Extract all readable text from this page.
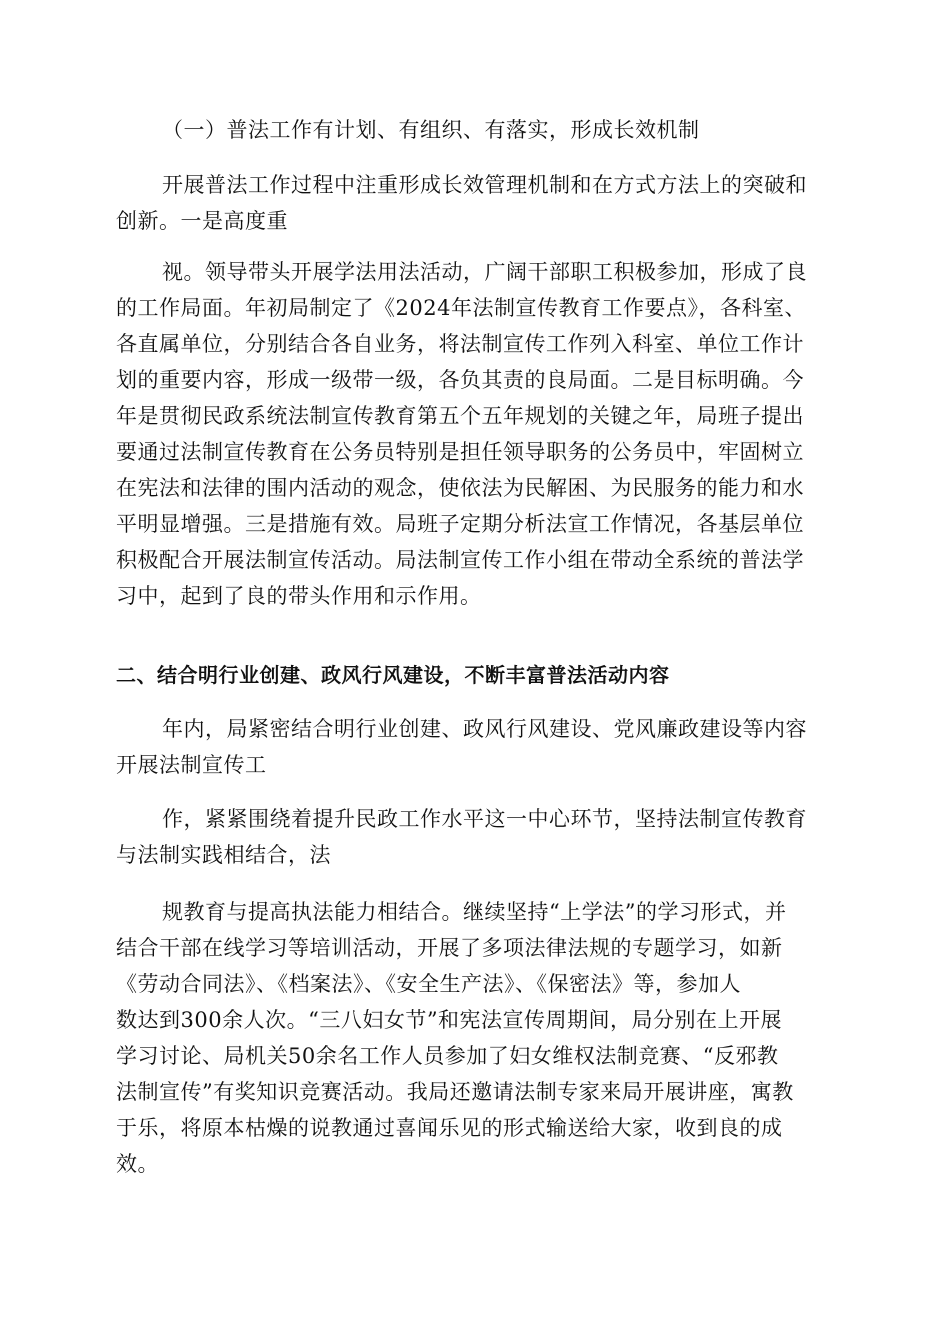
（一）普法工作有计划、有组织、有落实，形成长效机制

开展普法工作过程中注重形成长效管理机制和在方式方法上的突破和
创新。一是高度重

视。领导带头开展学法用法活动，广阔干部职工积极参加，形成了良
的工作局面。年初局制定了《2024年法制宣传教育工作要点》，各科室、
各直属单位，分别结合各自业务，将法制宣传工作列入科室、单位工作计
划的重要内容，形成一级带一级，各负其责的良局面。二是目标明确。今
年是贯彻民政系统法制宣传教育第五个五年规划的关键之年，局班子提出
要通过法制宣传教育在公务员特别是担任领导职务的公务员中，牢固树立
在宪法和法律的围内活动的观念，使依法为民解困、为民服务的能力和水
平明显增强。三是措施有效。局班子定期分析法宣工作情况，各基层单位
积极配合开展法制宣传活动。局法制宣传工作小组在带动全系统的普法学
习中，起到了良的带头作用和示作用。

二、结合明行业创建、政风行风建设，不断丰富普法活动内容

年内，局紧密结合明行业创建、政风行风建设、党风廉政建设等内容
开展法制宣传工

作，紧紧围绕着提升民政工作水平这一中心环节，坚持法制宣传教育
与法制实践相结合，法

规教育与提高执法能力相结合。继续坚持“上学法”的学习形式，并
结合干部在线学习等培训活动，开展了多项法律法规的专题学习，如新
《劳动合同法》、《档案法》、《安全生产法》、《保密法》等，参加人
数达到300余人次。“三八妇女节”和宪法宣传周期间，局分别在上开展
学习讨论、局机关50余名工作人员参加了妇女维权法制竞赛、“反邪教
法制宣传”有奖知识竞赛活动。我局还邀请法制专家来局开展讲座，寓教
于乐，将原本枯燥的说教通过喜闻乐见的形式输送给大家，收到良的成
效。
